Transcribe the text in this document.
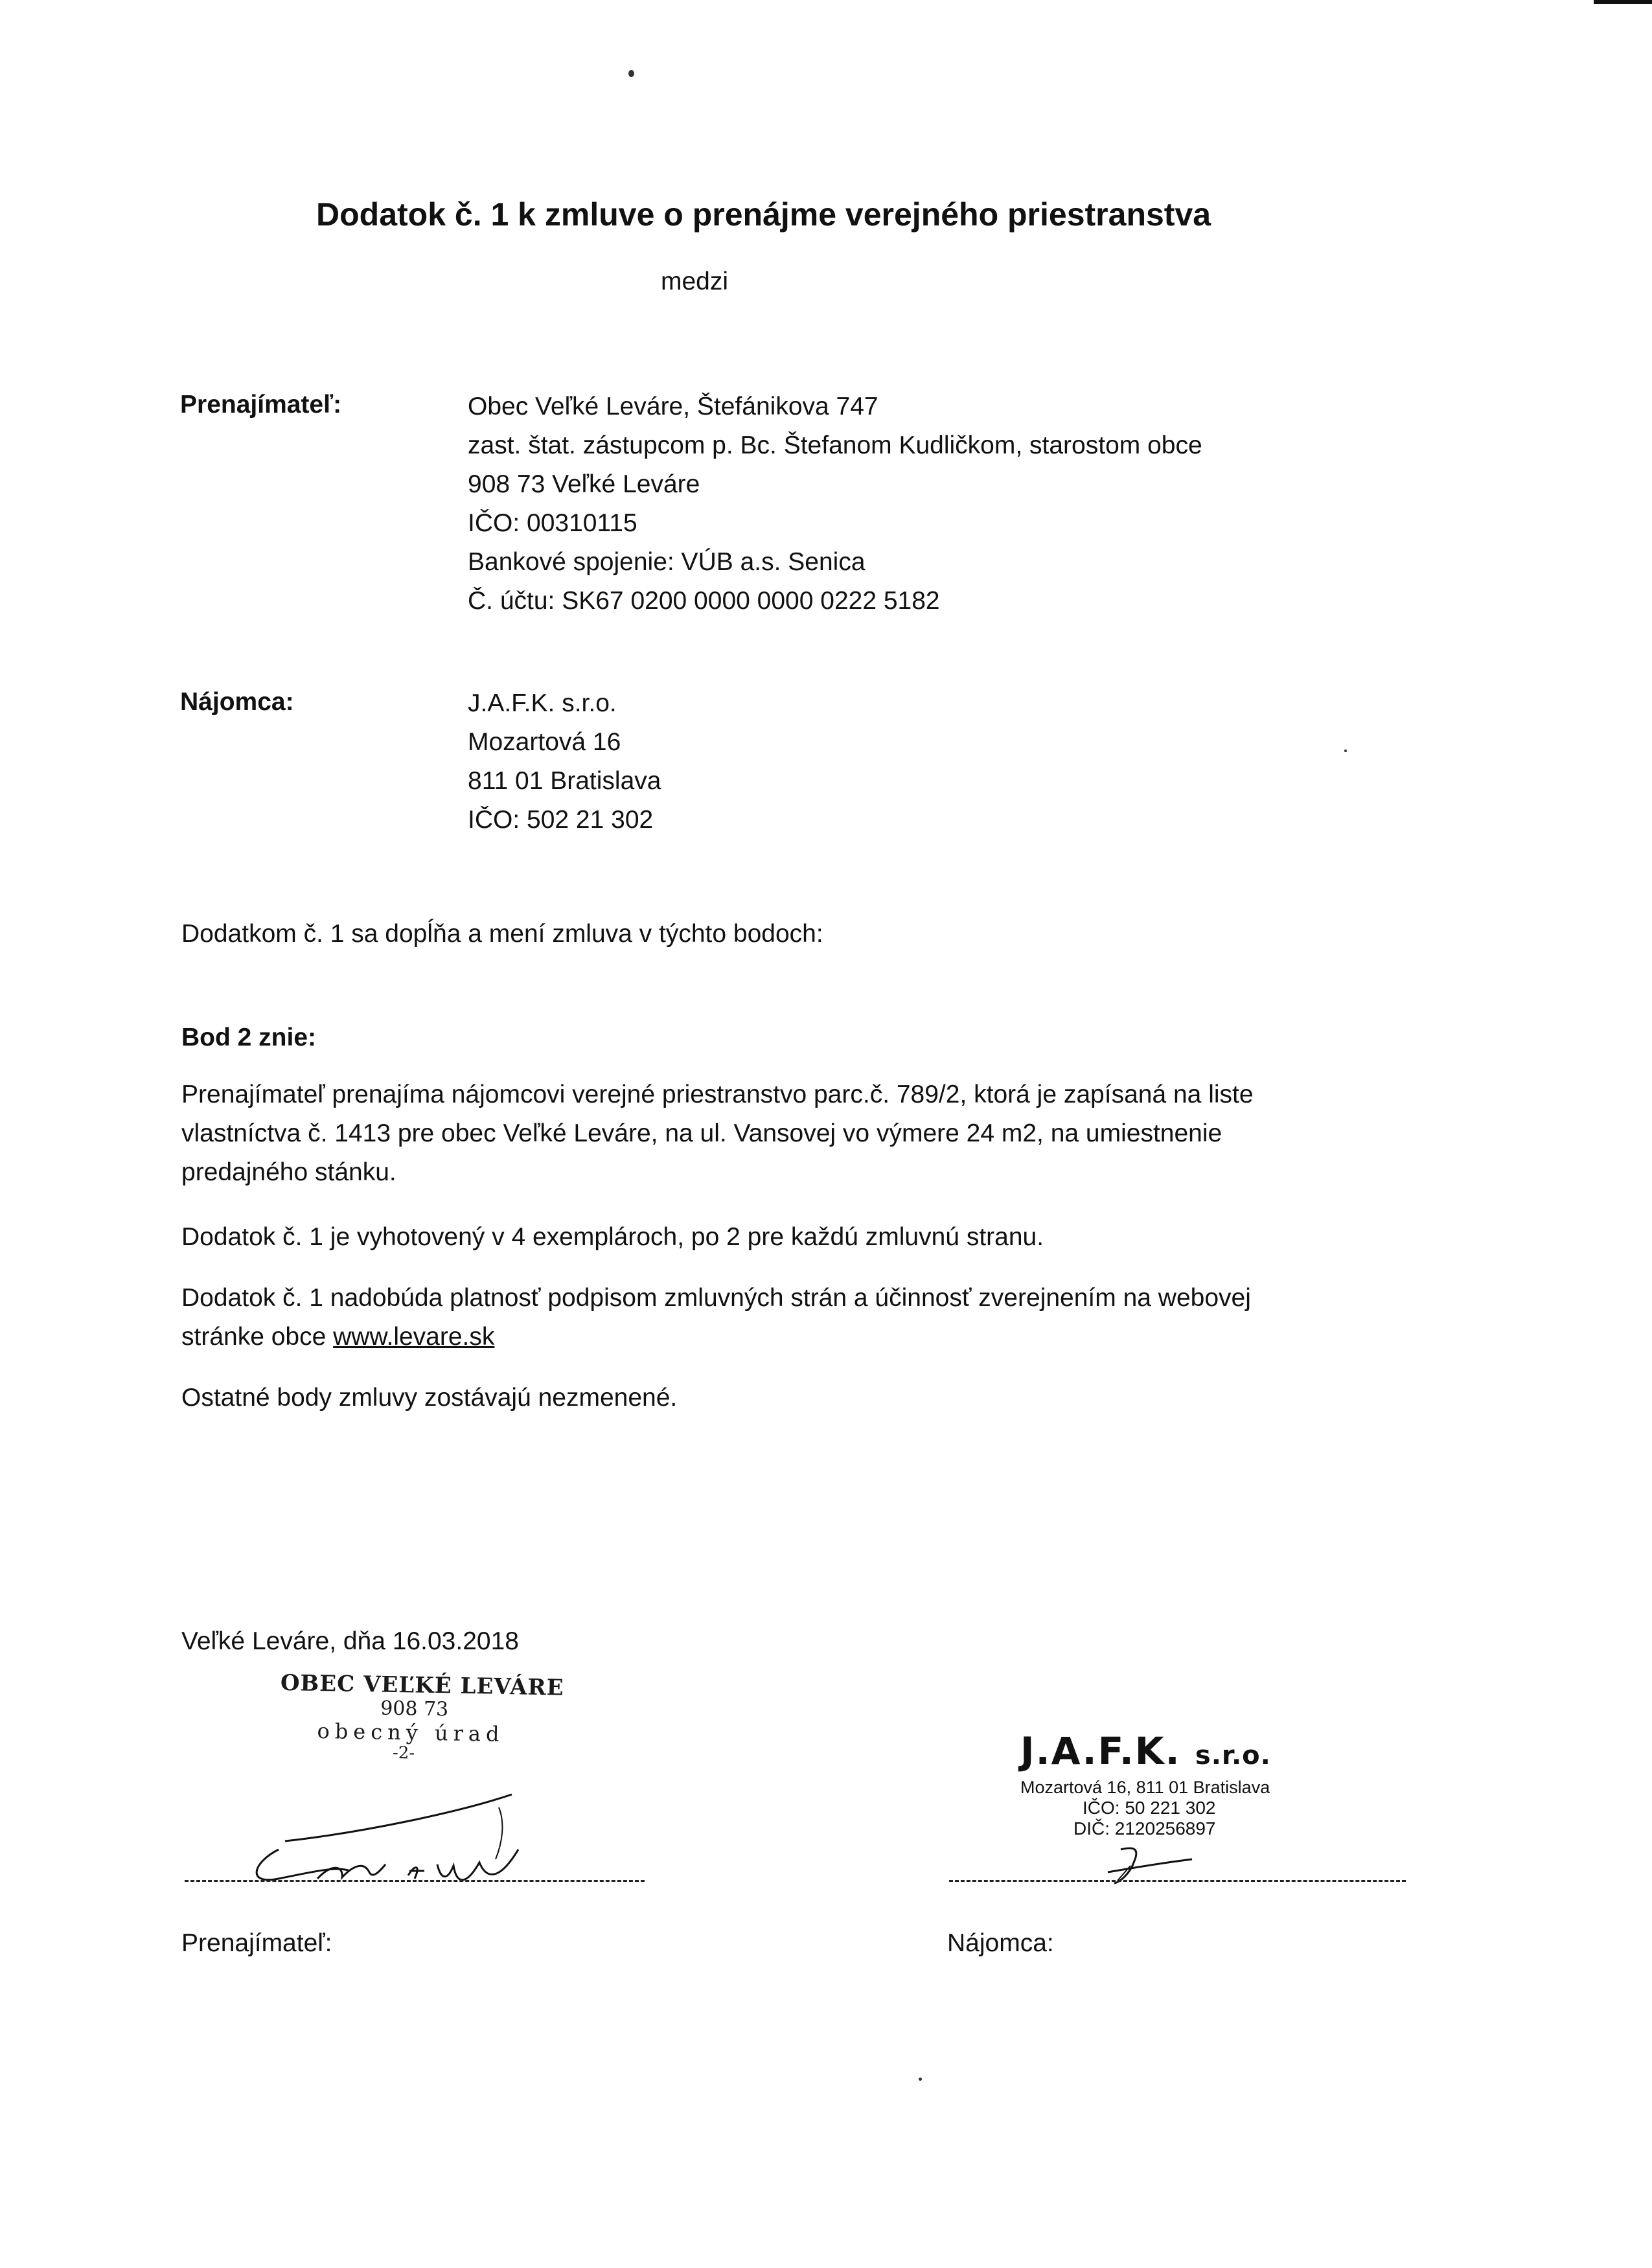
Dodatok č. 1 k zmluve o prenájme verejného priestranstva
medzi
Prenajímateľ:	Obec Veľké Leváre, Štefánikova 747
zast. štat. zástupcom p. Bc. Štefanom Kudličkom, starostom obce
908 73 Veľké Leváre
IČO: 00310115
Bankové spojenie: VÚB a.s. Senica
Č. účtu: SK67 0200 0000 0000 0222 5182
Nájomca:	J.A.F.K. s.r.o.
Mozartová 16
811 01 Bratislava
IČO: 502 21 302
Dodatkom č. 1 sa dopĺňa a mení zmluva v týchto bodoch:
Bod 2 znie:
Prenajímateľ prenajíma nájomcovi verejné priestranstvo parc.č. 789/2, ktorá je zapísaná na liste
vlastníctva č. 1413 pre obec Veľké Leváre, na ul. Vansovej vo výmere 24 m2, na umiestnenie
predajného stánku.
Dodatok č. 1 je vyhotovený v 4 exemplároch, po 2 pre každú zmluvnú stranu.
Dodatok č. 1 nadobúda platnosť podpisom zmluvných strán a účinnosť zverejnením na webovej
stránke obce www.levare.sk
Ostatné body zmluvy zostávajú nezmenené.
Veľké Leváre, dňa 16.03.2018
OBEC VEĽKÉ LEVÁRE
908 73
obecný úrad
-2-	J.A.F.K. s.r.o.
Mozartová 16, 811 01 Bratislava
IČO: 50 221 302
DIČ: 2120256897
Prenajímateľ:	Nájomca:
